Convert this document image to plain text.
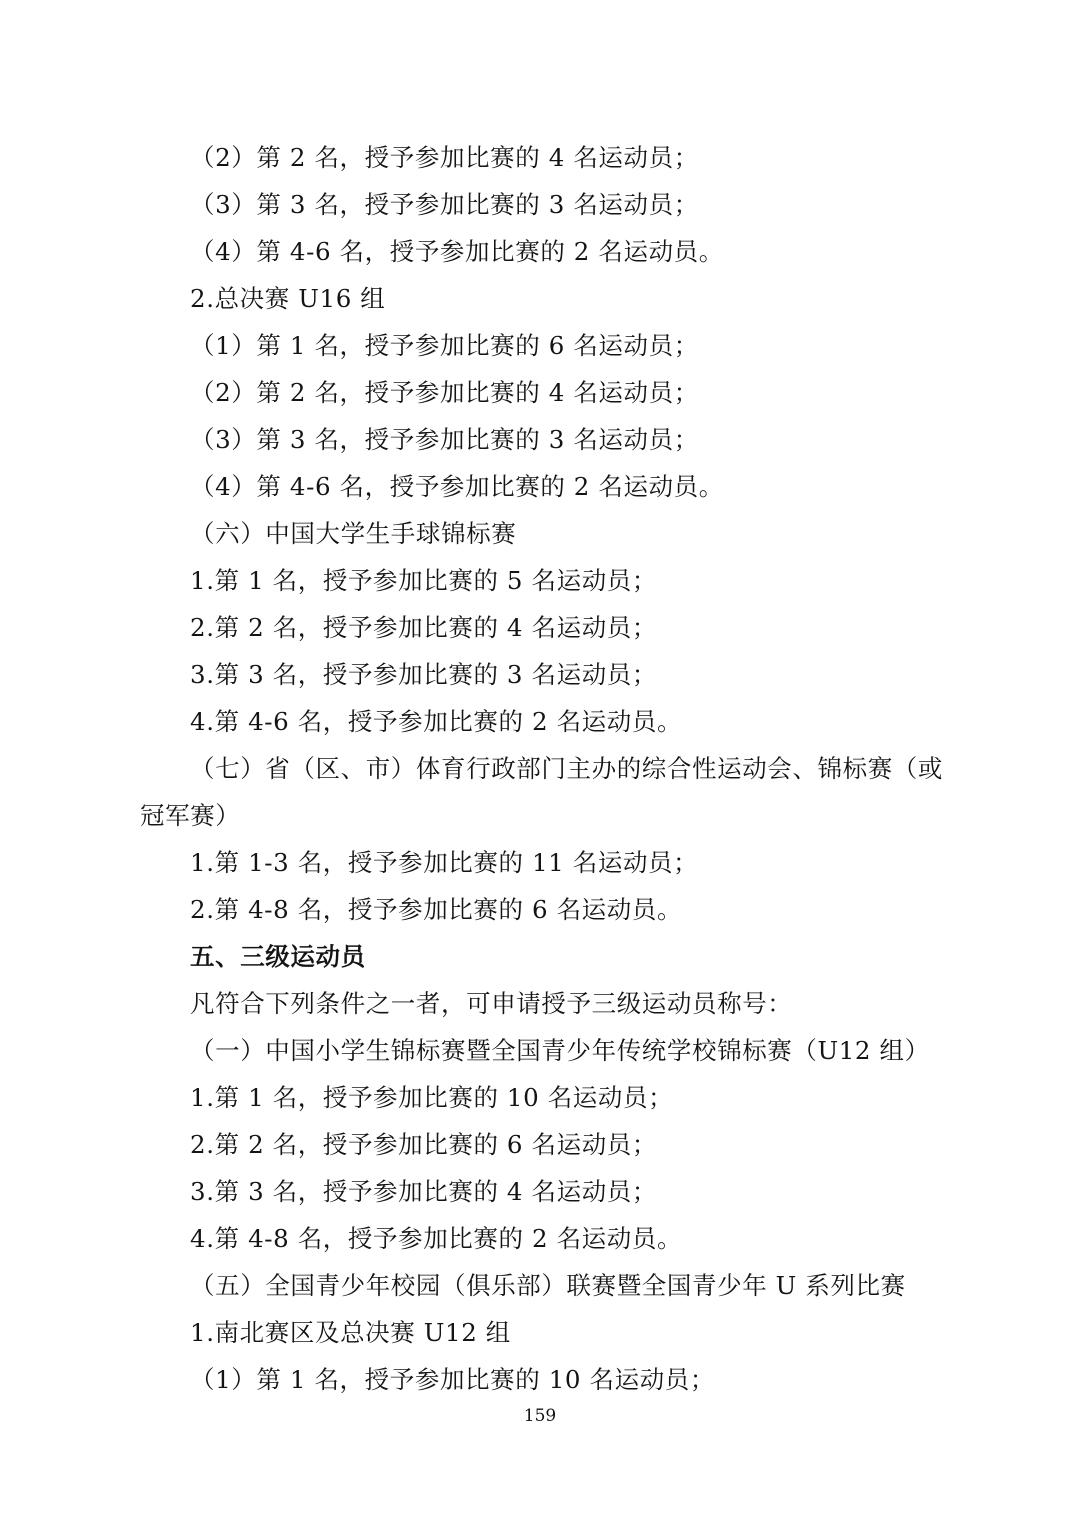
（2）第 2 名，授予参加比赛的 4 名运动员；
（3）第 3 名，授予参加比赛的 3 名运动员；
（4）第 4-6 名，授予参加比赛的 2 名运动员。
2.总决赛 U16 组
（1）第 1 名，授予参加比赛的 6 名运动员；
（2）第 2 名，授予参加比赛的 4 名运动员；
（3）第 3 名，授予参加比赛的 3 名运动员；
（4）第 4-6 名，授予参加比赛的 2 名运动员。
（六）中国大学生手球锦标赛
1.第 1 名，授予参加比赛的 5 名运动员；
2.第 2 名，授予参加比赛的 4 名运动员；
3.第 3 名，授予参加比赛的 3 名运动员；
4.第 4-6 名，授予参加比赛的 2 名运动员。
（七）省（区、市）体育行政部门主办的综合性运动会、锦标赛（或
冠军赛）
1.第 1-3 名，授予参加比赛的 11 名运动员；
2.第 4-8 名，授予参加比赛的 6 名运动员。
五、三级运动员
凡符合下列条件之一者，可申请授予三级运动员称号：
（一）中国小学生锦标赛暨全国青少年传统学校锦标赛（U12 组）
1.第 1 名，授予参加比赛的 10 名运动员；
2.第 2 名，授予参加比赛的 6 名运动员；
3.第 3 名，授予参加比赛的 4 名运动员；
4.第 4-8 名，授予参加比赛的 2 名运动员。
（五）全国青少年校园（俱乐部）联赛暨全国青少年 U 系列比赛
1.南北赛区及总决赛 U12 组
（1）第 1 名，授予参加比赛的 10 名运动员；
159
